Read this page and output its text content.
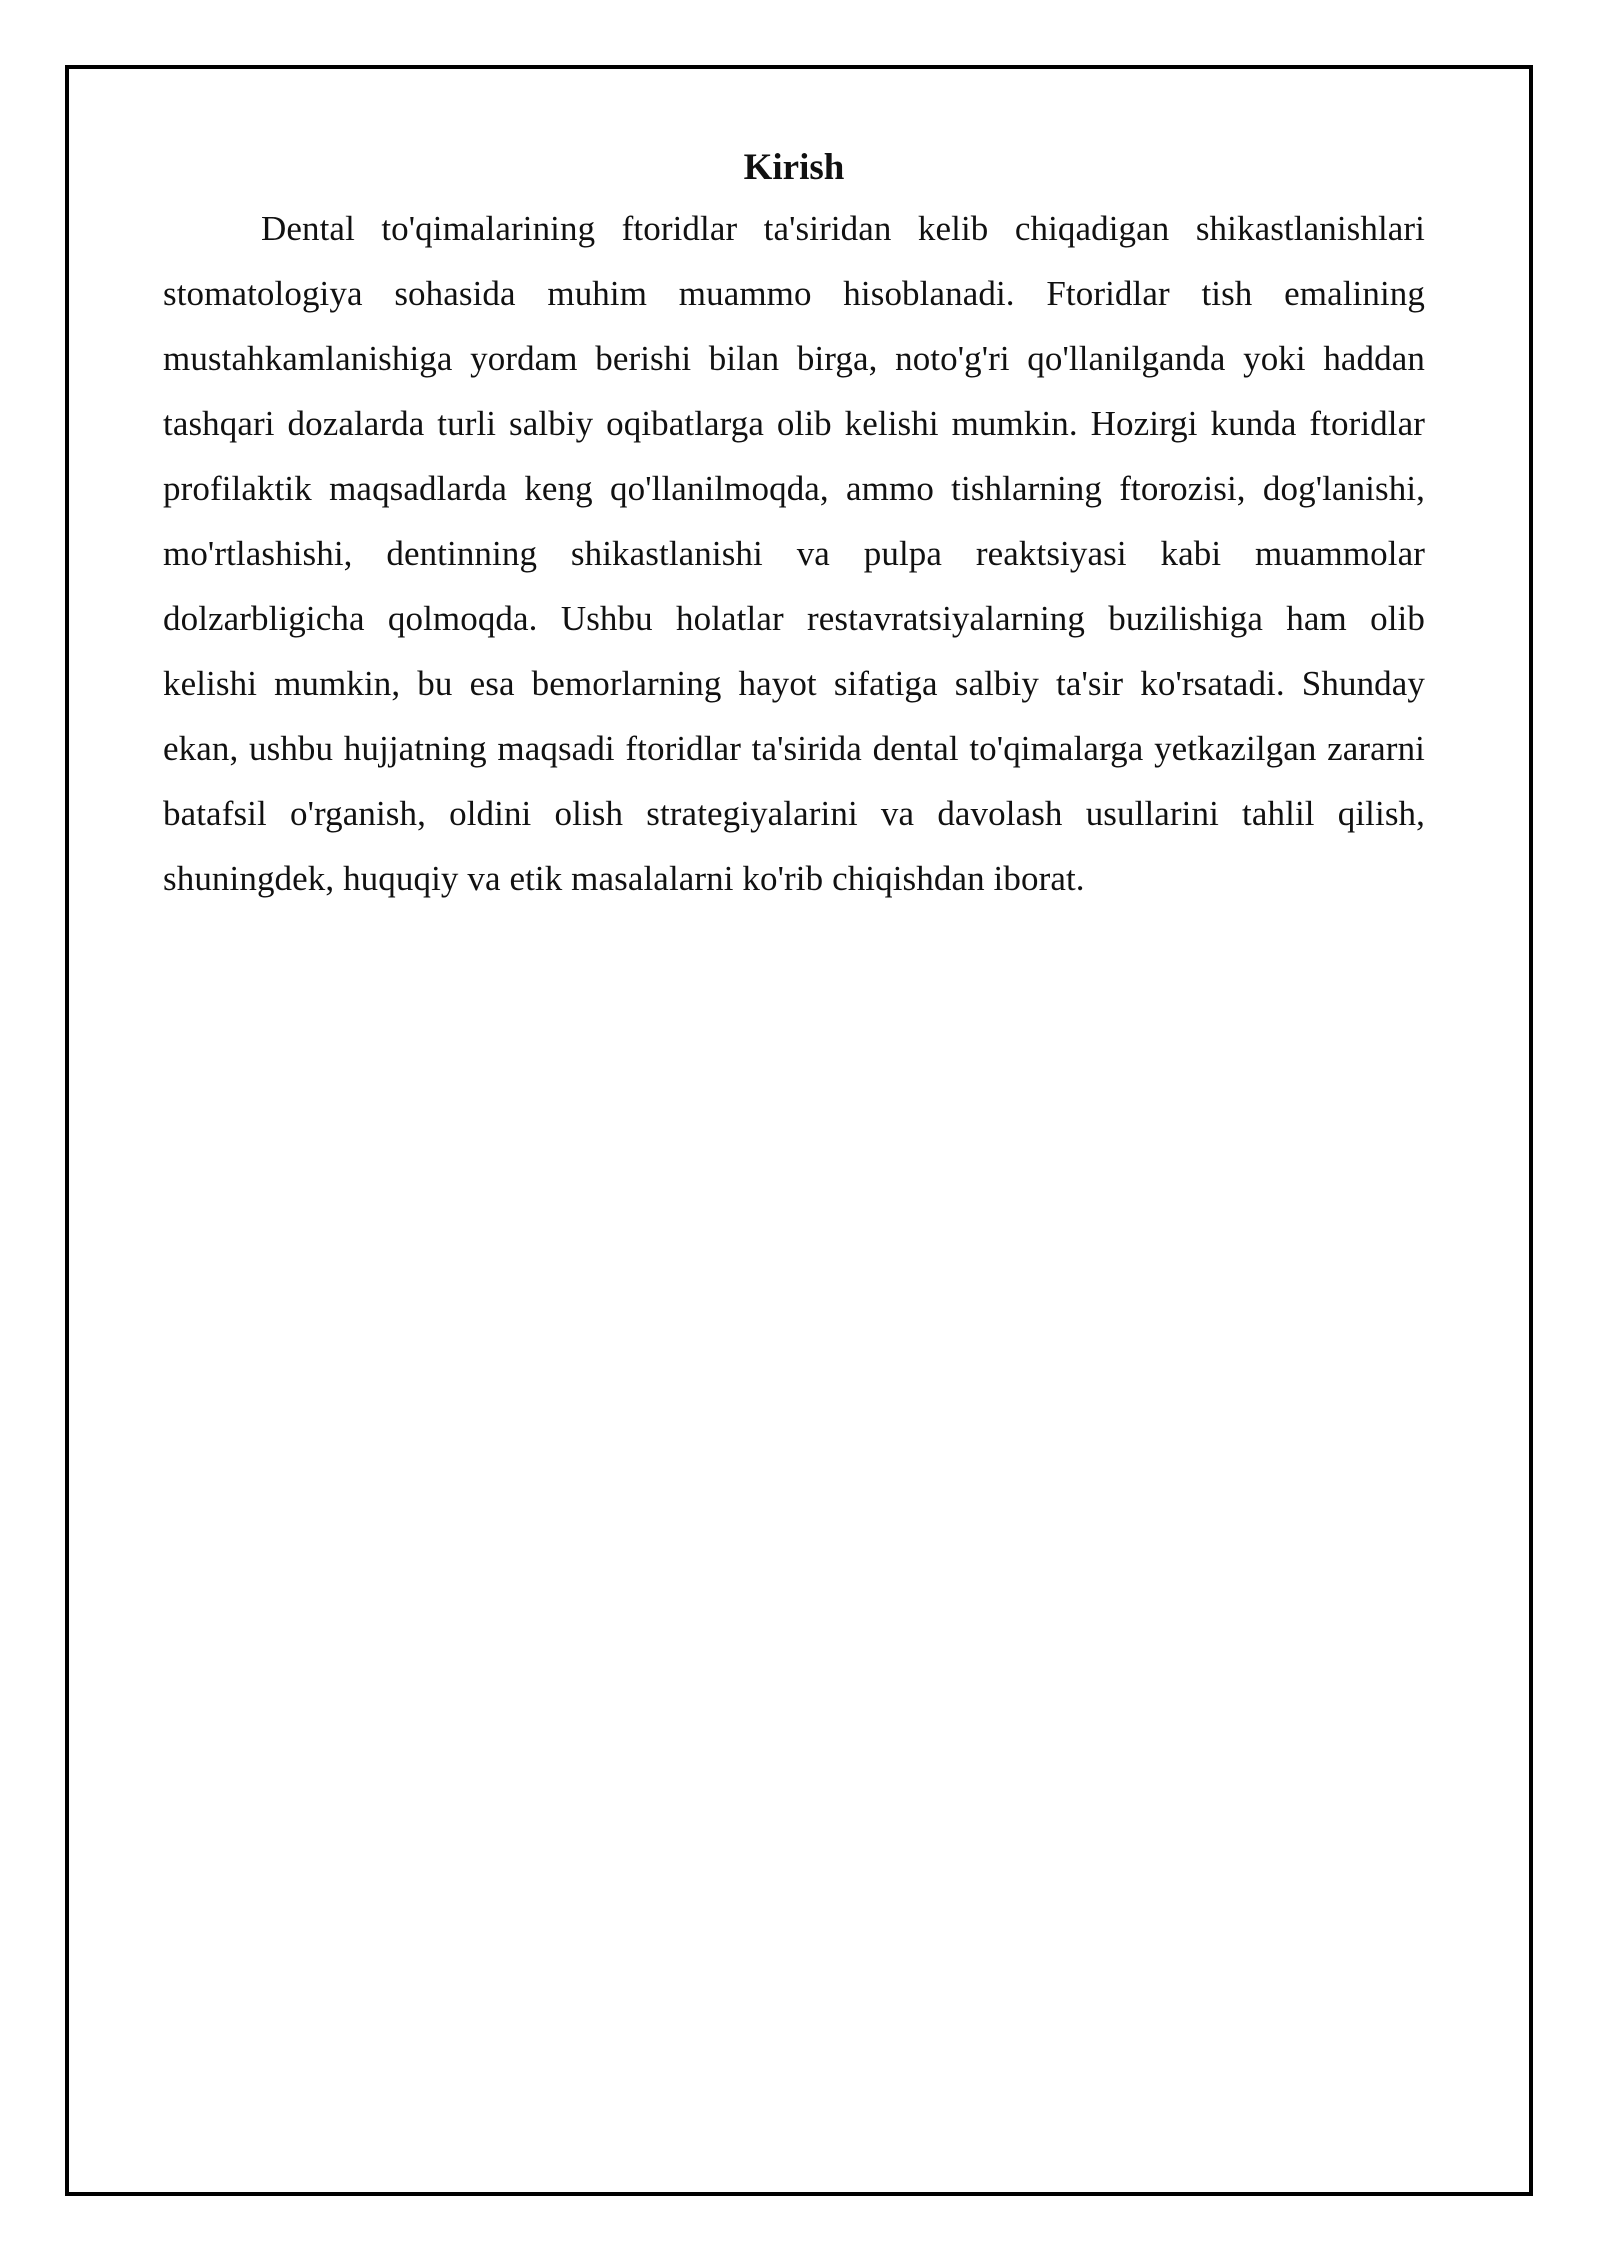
Kirish

Dental to'qimalarining ftoridlar ta'siridan kelib chiqadigan shikastlanishlari stomatologiya sohasida muhim muammo hisoblanadi. Ftoridlar tish emalining mustahkamlanishiga yordam berishi bilan birga, noto'g'ri qo'llanilganda yoki haddan tashqari dozalarda turli salbiy oqibatlarga olib kelishi mumkin. Hozirgi kunda ftoridlar profilaktik maqsadlarda keng qo'llanilmoqda, ammo tishlarning ftorozisi, dog'lanishi, mo'rtlashishi, dentinning shikastlanishi va pulpa reaktsiyasi kabi muammolar dolzarbligicha qolmoqda. Ushbu holatlar restavratsiyalarning buzilishiga ham olib kelishi mumkin, bu esa bemorlarning hayot sifatiga salbiy ta'sir ko'rsatadi. Shunday ekan, ushbu hujjatning maqsadi ftoridlar ta'sirida dental to'qimalarga yetkazilgan zararni batafsil o'rganish, oldini olish strategiyalarini va davolash usullarini tahlil qilish, shuningdek, huquqiy va etik masalalarni ko'rib chiqishdan iborat.
